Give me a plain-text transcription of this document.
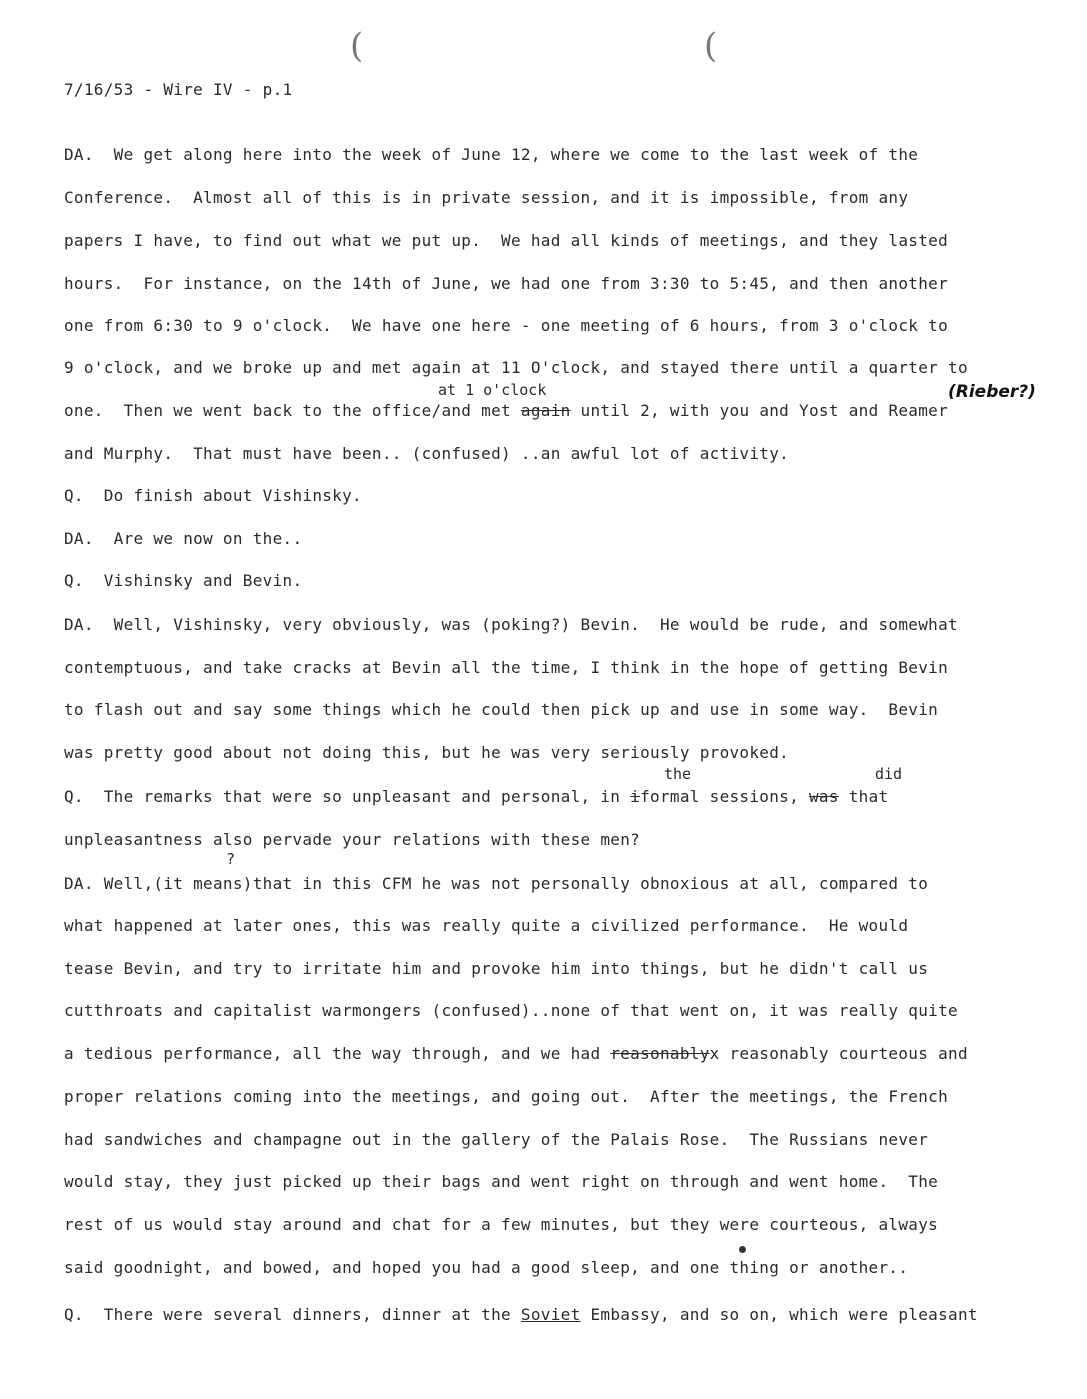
(	(
7/16/53 - Wire IV - p.1
DA.  We get along here into the week of June 12, where we come to the last week of the
Conference.  Almost all of this is in private session, and it is impossible, from any
papers I have, to find out what we put up.  We had all kinds of meetings, and they lasted
hours.  For instance, on the 14th of June, we had one from 3:30 to 5:45, and then another
one from 6:30 to 9 o'clock.  We have one here - one meeting of 6 hours, from 3 o'clock to
9 o'clock, and we broke up and met again at 11 O'clock, and stayed there until a quarter to
at 1 o'clock	(Rieber?)
one.  Then we went back to the office/and met again until 2, with you and Yost and Reamer
and Murphy.  That must have been.. (confused) ..an awful lot of activity.
Q.  Do finish about Vishinsky.
DA.  Are we now on the..
Q.  Vishinsky and Bevin.
DA.  Well, Vishinsky, very obviously, was (poking?) Bevin.  He would be rude, and somewhat
contemptuous, and take cracks at Bevin all the time, I think in the hope of getting Bevin
to flash out and say some things which he could then pick up and use in some way.  Bevin
was pretty good about not doing this, but he was very seriously provoked.
the	did
Q.  The remarks that were so unpleasant and personal, in iformal sessions, was that
unpleasantness also pervade your relations with these men?
?
DA. Well,(it means)that in this CFM he was not personally obnoxious at all, compared to
what happened at later ones, this was really quite a civilized performance.  He would
tease Bevin, and try to irritate him and provoke him into things, but he didn't call us
cutthroats and capitalist warmongers (confused)..none of that went on, it was really quite
a tedious performance, all the way through, and we had reasonablyx reasonably courteous and
proper relations coming into the meetings, and going out.  After the meetings, the French
had sandwiches and champagne out in the gallery of the Palais Rose.  The Russians never
would stay, they just picked up their bags and went right on through and went home.  The
rest of us would stay around and chat for a few minutes, but they were courteous, always
said goodnight, and bowed, and hoped you had a good sleep, and one thing or another..
Q.  There were several dinners, dinner at the Soviet Embassy, and so on, which were pleasant
